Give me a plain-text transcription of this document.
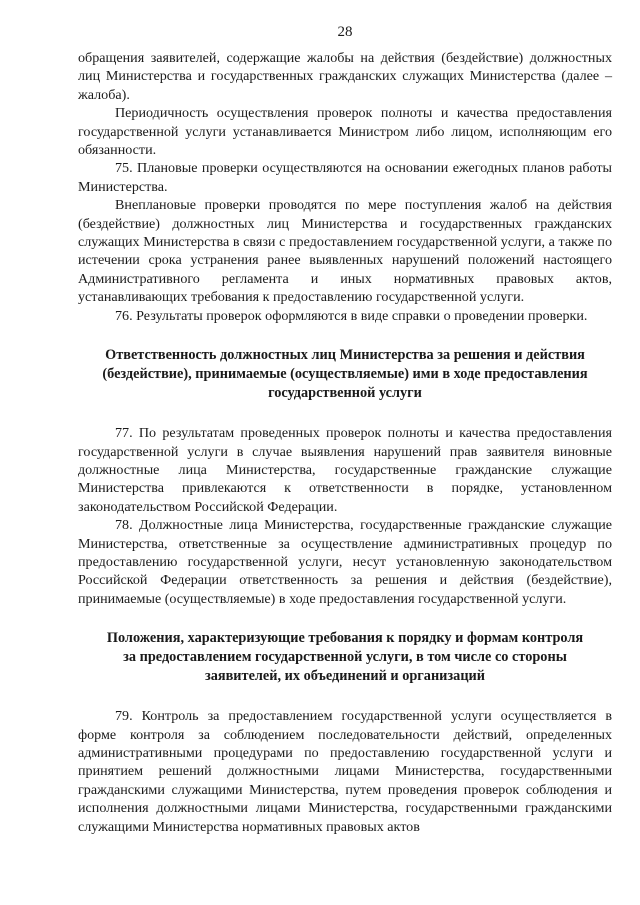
28

обращения заявителей, содержащие жалобы на действия (бездействие) должностных лиц Министерства и государственных гражданских служащих Министерства (далее – жалоба).

Периодичность осуществления проверок полноты и качества предоставления государственной услуги устанавливается Министром либо лицом, исполняющим его обязанности.

75. Плановые проверки осуществляются на основании ежегодных планов работы Министерства.

Внеплановые проверки проводятся по мере поступления жалоб на действия (бездействие) должностных лиц Министерства и государственных гражданских служащих Министерства в связи с предоставлением государственной услуги, а также по истечении срока устранения ранее выявленных нарушений положений настоящего Административного регламента и иных нормативных правовых актов, устанавливающих требования к предоставлению государственной услуги.

76. Результаты проверок оформляются в виде справки о проведении проверки.

Ответственность должностных лиц Министерства за решения и действия
(бездействие), принимаемые (осуществляемые) ими в ходе предоставления
государственной услуги

77. По результатам проведенных проверок полноты и качества предоставления государственной услуги в случае выявления нарушений прав заявителя виновные должностные лица Министерства, государственные гражданские служащие Министерства привлекаются к ответственности в порядке, установленном законодательством Российской Федерации.

78. Должностные лица Министерства, государственные гражданские служащие Министерства, ответственные за осуществление административных процедур по предоставлению государственной услуги, несут установленную законодательством Российской Федерации ответственность за решения и действия (бездействие), принимаемые (осуществляемые) в ходе предоставления государственной услуги.

Положения, характеризующие требования к порядку и формам контроля
за предоставлением государственной услуги, в том числе со стороны
заявителей, их объединений и организаций

79. Контроль за предоставлением государственной услуги осуществляется в форме контроля за соблюдением последовательности действий, определенных административными процедурами по предоставлению государственной услуги и принятием решений должностными лицами Министерства, государственными гражданскими служащими Министерства, путем проведения проверок соблюдения и исполнения должностными лицами Министерства, государственными гражданскими служащими Министерства нормативных правовых актов
